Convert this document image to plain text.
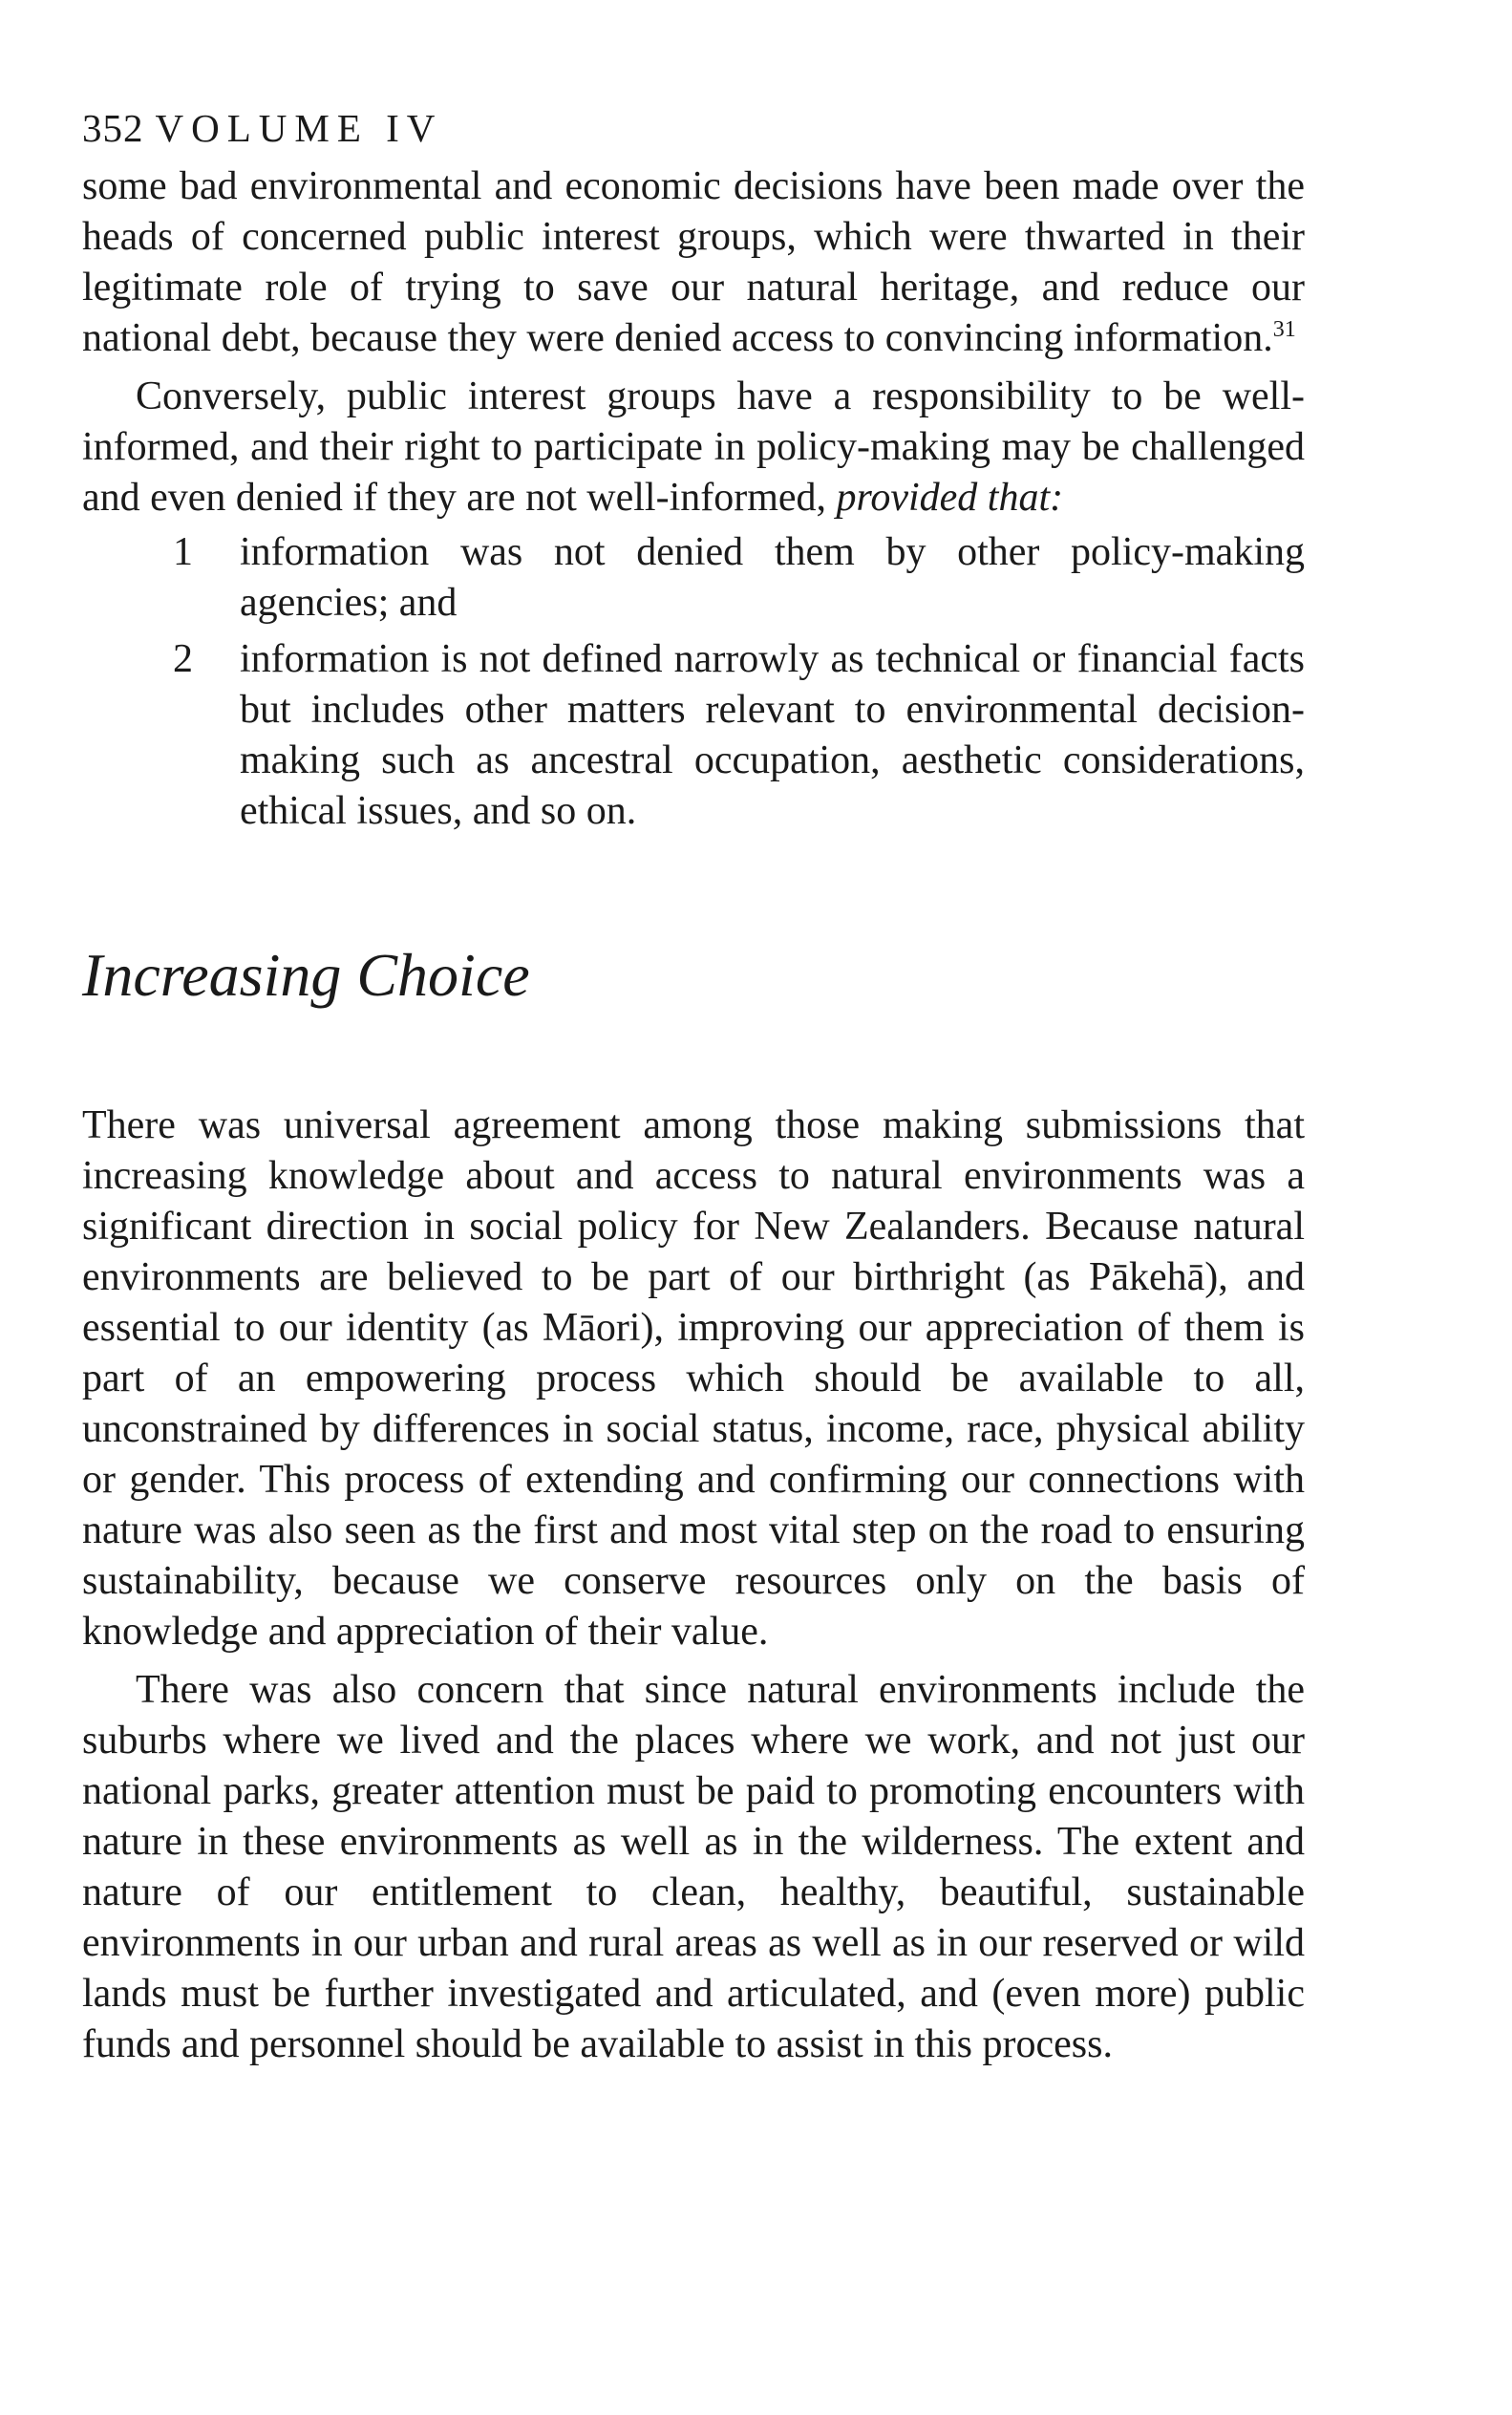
352 VOLUME IV

some bad environmental and economic decisions have been made over the heads of concerned public interest groups, which were thwarted in their legitimate role of trying to save our natural heritage, and reduce our national debt, because they were denied access to convincing information.$^{31}$

Conversely, public interest groups have a responsibility to be well-informed, and their right to participate in policy-making may be challenged and even denied if they are not well-informed, provided that:

1 information was not denied them by other policy-making agencies; and
2 information is not defined narrowly as technical or financial facts but includes other matters relevant to environmental decision-making such as ancestral occupation, aesthetic considerations, ethical issues, and so on.
Increasing Choice

There was universal agreement among those making submissions that increasing knowledge about and access to natural environments was a significant direction in social policy for New Zealanders. Because natural environments are believed to be part of our birthright (as Pākehā), and essential to our identity (as Māori), improving our appreciation of them is part of an empowering process which should be available to all, unconstrained by differences in social status, income, race, physical ability or gender. This process of extending and confirming our connections with nature was also seen as the first and most vital step on the road to ensuring sustainability, because we conserve resources only on the basis of knowledge and appreciation of their value.

There was also concern that since natural environments include the suburbs where we lived and the places where we work, and not just our national parks, greater attention must be paid to promoting encounters with nature in these environments as well as in the wilderness. The extent and nature of our entitlement to clean, healthy, beautiful, sustainable environments in our urban and rural areas as well as in our reserved or wild lands must be further investigated and articulated, and (even more) public funds and personnel should be available to assist in this process.
